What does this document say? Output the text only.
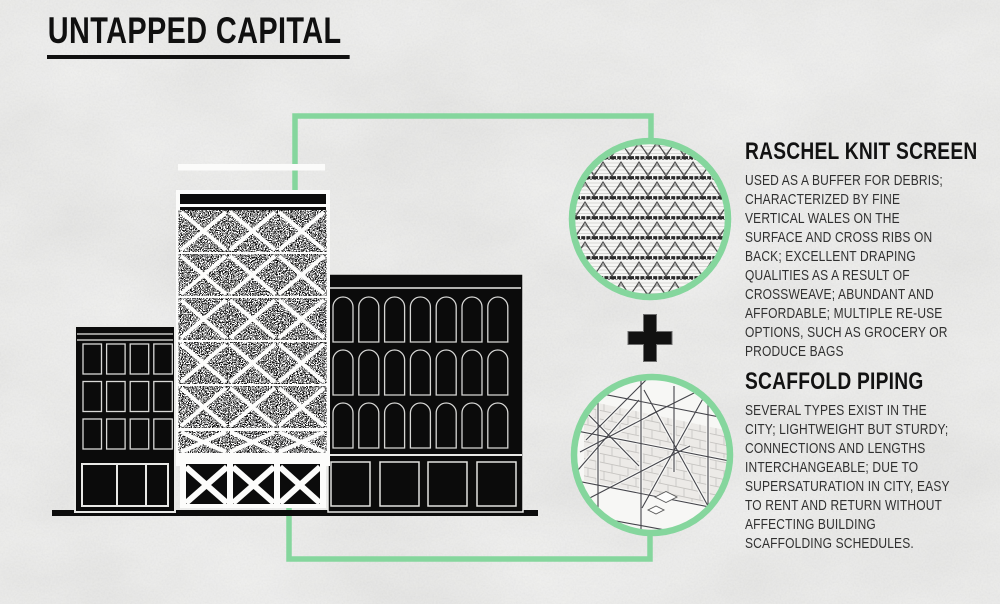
UNTAPPED CAPITAL
RASCHEL KNIT SCREEN
USED AS A BUFFER FOR DEBRIS; CHARACTERIZED BY FINE VERTICAL WALES ON THE SURFACE AND CROSS RIBS ON BACK; EXCELLENT DRAPING QUALITIES AS A RESULT OF CROSSWEAVE; ABUNDANT AND AFFORDABLE; MULTIPLE RE-USE OPTIONS, SUCH AS GROCERY OR PRODUCE BAGS
SCAFFOLD PIPING
SEVERAL TYPES EXIST IN THE CITY; LIGHTWEIGHT BUT STURDY; CONNECTIONS AND LENGTHS INTERCHANGEABLE; DUE TO SUPERSATURATION IN CITY, EASY TO RENT AND RETURN WITHOUT AFFECTING BUILDING SCAFFOLDING SCHEDULES.
